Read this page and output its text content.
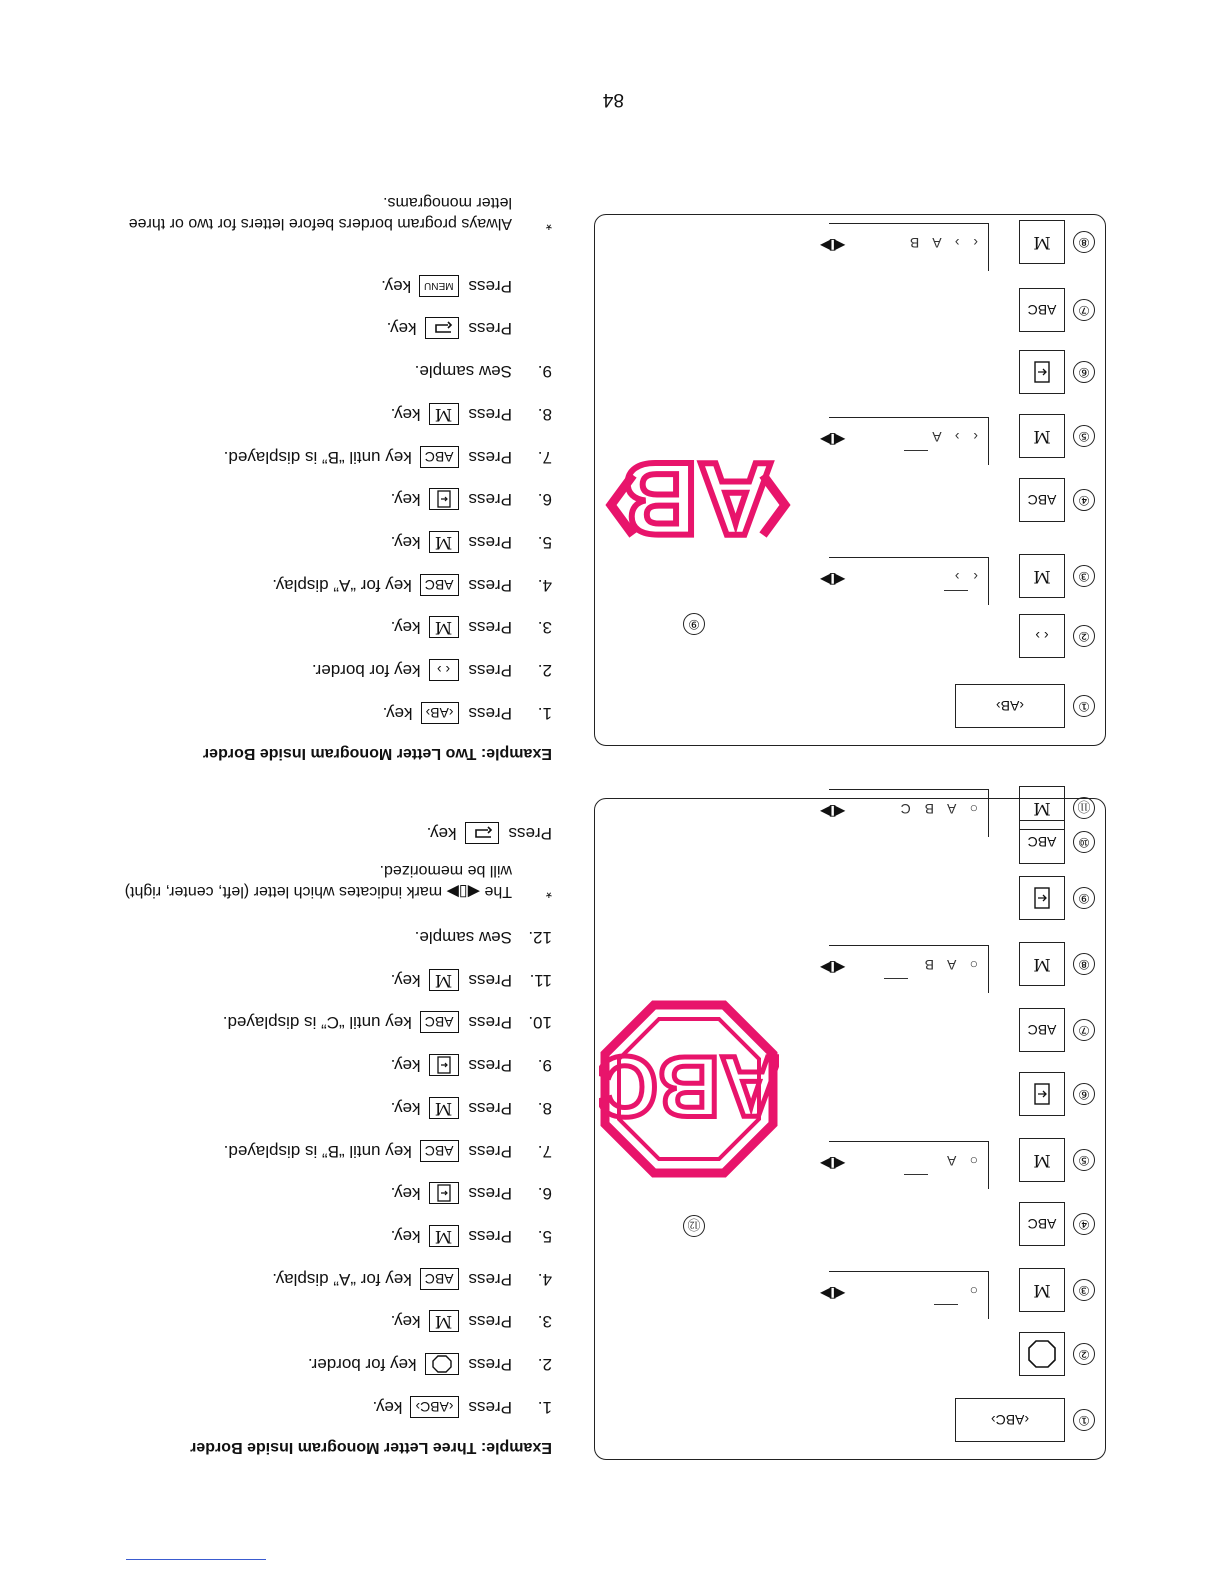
84
Example: Two Letter Monogram Inside Border
1.
Press
‹AB›
key.
2.
Press
‹ ›
key for border.
3.
Press
M
key.
4.
Press
ABC
key for “A” display.
5.
Press
M
key.
6.
Press
key.
7.
Press
ABC
key until “B” is displayed.
8.
Press
M
key.
9.
Sew sample.
Press
key.
Press
MENU
key.
*
Always program borders before letters for two or three letter monograms.
①
‹AB›
②
‹ ›
③
M
‹ ›
◀▯▶
④
ABC
⑤
M
‹ › A
◀▯▶
⑥
⑦
ABC
⑧
M
‹ › A B
◀▯▶
⑨
AB
Example: Three Letter Monogram Inside Border
1.
Press
‹ABC›
key.
2.
Press
key for border.
3.
Press
M
key.
4.
Press
ABC
key for “A” display.
5.
Press
M
key.
6.
Press
key.
7.
Press
ABC
key until “B” is displayed.
8.
Press
M
key.
9.
Press
key.
10.
Press
ABC
key until “C” is displayed.
11.
Press
M
key.
12.
Sew sample.
*
The ◀▯▶ mark indicates which letter (left, center, right) will be memorized.
Press
key.
①
‹ABC›
②
③
M
○
◀▯▶
④
ABC
⑤
M
○ A
◀▯▶
⑥
⑦
ABC
⑧
M
○ A B
◀▯▶
⑨
⑩
ABC
⑪
M
○ A B C
◀▯▶
⑫
ABC
